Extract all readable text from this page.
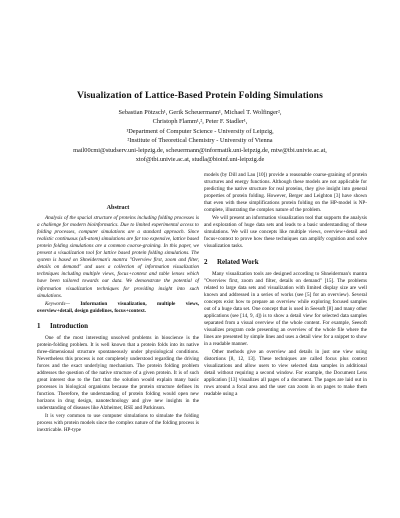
Visualization of Lattice-Based Protein Folding Simulations
Sebastian Pötzsch¹, Gerik Scheuermann¹, Michael T. Wolfinger²,
Christoph Flamm¹,², Peter F. Stadler¹,
¹Department of Computer Science - University of Leipzig,
²Institute of Theoretical Chemistry - University of Vienna
mail00cmi@studserv.uni-leipzig.de, scheuermann@informatik.uni-leipzig.de, mtw@tbi.univie.ac.at,
xtof@tbi.univie.ac.at, studla@bioinf.uni-leipzig.de
Abstract

Analysis of the spacial structure of proteins including folding processes is a challenge for modern bioinformatics. Due to limited experimental access to folding processes, computer simulations are a standard approach. Since realistic continuous (all-atom) simulations are far too expensive, lattice based protein folding simulations are a common coarse-graining. In this paper, we present a visualization tool for lattice based protein folding simulations. The system is based on Shneiderman's mantra "Overview first, zoom and filter, details on demand" and uses a collection of information visualization techniques including multiple views, focus+context and table lenses which have been tailored towards our data. We demonstrate the potential of information visualization techniques for providing insight into such simulations.

Keywords— Information visualization, multiple views, overview+detail, design guidelines, focus+context.

1 Introduction

One of the most interesting unsolved problems in bioscience is the protein-folding problem. It is well known that a protein folds into its native three-dimensional structure spontaneously under physiological conditions. Nevertheless this process is not completely understood regarding the driving forces and the exact underlying mechanism. The protein folding problem addresses the question of the native structure of a given protein. It is of such great interest due to the fact that the solution would explain many basic processes in biological organisms because the protein structure defines its function. Therefore, the understanding of protein folding would open new horizons in drug design, nanotechnology and give new insights in the understanding of diseases like Alzheimer, BSE and Parkinson.

It is very common to use computer simulations to simulate the folding process with protein models since the complex nature of the folding process is inextricable. HP-type

models (by Dill and Lau [10]) provide a reasonable coarse-graining of protein structures and energy functions. Although these models are not applicable for predicting the native structure for real proteins, they give insight into general properties of protein folding. However, Berger and Leighton [3] have shown that even with these simplifications protein folding on the HP-model is NP-complete, illustrating the complex nature of the problem.

We will present an information visualization tool that supports the analysis and exploration of huge data sets and leads to a basic understanding of these simulations. We will use concepts like multiple views, overview+detail and focus+context to prove how these techniques can amplify cognition and solve visualization tasks.

2 Related Work

Many visualization tools are designed according to Shneiderman's mantra "Overview first, zoom and filter, details on demand" [15]. The problems related to large data sets and visualization with limited display size are well known and addressed in a series of works (see [5] for an overview). Several concepts exist how to prepare an overview while exploring focused samples out of a huge data set. One concept that is used in Seesoft [8] and many other applications (see [14, 9, 4]) is to show a detail view for selected data samples separated from a visual overview of the whole content. For example, Seesoft visualizes program code presenting an overview of the whole file where the lines are presented by simple lines and uses a detail view for a snippet to show in a readable manner.

Other methods give an overview and details in just one view using distortions [8, 12, 13]. These techniques are called focus plus context visualizations and allow users to view selected data samples in additional detail without requiring a second window. For example, the Document Lens application [13] visualizes all pages of a document. The pages are laid out in rows around a focal area and the user can zoom in on pages to make them readable using a
